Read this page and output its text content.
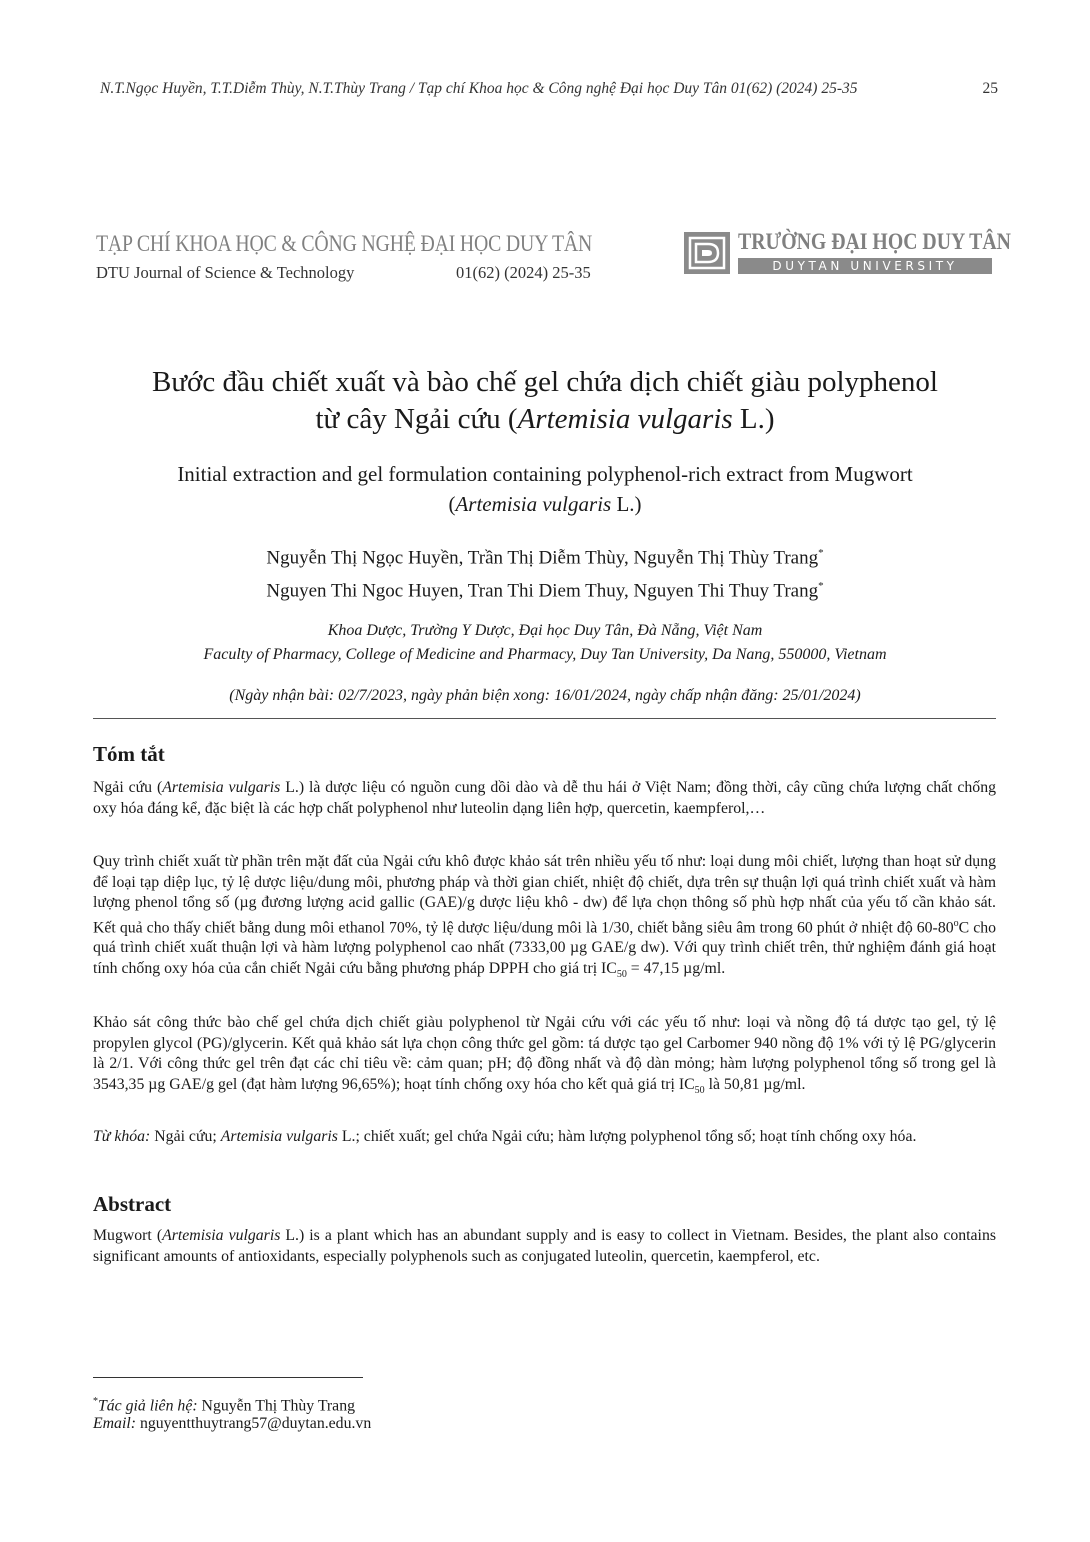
N.T.Ngọc Huyền, T.T.Diễm Thùy, N.T.Thùy Trang / Tạp chí Khoa học & Công nghệ Đại học Duy Tân 01(62) (2024) 25-35	25
TẠP CHÍ KHOA HỌC & CÔNG NGHỆ ĐẠI HỌC DUY TÂN
DTU Journal of Science & Technology	01(62) (2024) 25-35
TRƯỜNG ĐẠI HỌC DUY TÂN
DUYTAN UNIVERSITY
Bước đầu chiết xuất và bào chế gel chứa dịch chiết giàu polyphenol
từ cây Ngải cứu (Artemisia vulgaris L.)
Initial extraction and gel formulation containing polyphenol-rich extract from Mugwort
(Artemisia vulgaris L.)
Nguyễn Thị Ngọc Huyền, Trần Thị Diễm Thùy, Nguyễn Thị Thùy Trang*
Nguyen Thi Ngoc Huyen, Tran Thi Diem Thuy, Nguyen Thi Thuy Trang*
Khoa Dược, Trường Y Dược, Đại học Duy Tân, Đà Nẵng, Việt Nam
Faculty of Pharmacy, College of Medicine and Pharmacy, Duy Tan University, Da Nang, 550000, Vietnam
(Ngày nhận bài: 02/7/2023, ngày phản biện xong: 16/01/2024, ngày chấp nhận đăng: 25/01/2024)
Tóm tắt

Ngải cứu (Artemisia vulgaris L.) là dược liệu có nguồn cung dồi dào và dễ thu hái ở Việt Nam; đồng thời, cây cũng chứa lượng chất chống oxy hóa đáng kể, đặc biệt là các hợp chất polyphenol như luteolin dạng liên hợp, quercetin, kaempferol,…

Quy trình chiết xuất từ phần trên mặt đất của Ngải cứu khô được khảo sát trên nhiều yếu tố như: loại dung môi chiết, lượng than hoạt sử dụng để loại tạp diệp lục, tỷ lệ dược liệu/dung môi, phương pháp và thời gian chiết, nhiệt độ chiết, dựa trên sự thuận lợi quá trình chiết xuất và hàm lượng phenol tổng số (µg đương lượng acid gallic (GAE)/g dược liệu khô - dw) để lựa chọn thông số phù hợp nhất của yếu tố cần khảo sát. Kết quả cho thấy chiết bằng dung môi ethanol 70%, tỷ lệ dược liệu/dung môi là 1/30, chiết bằng siêu âm trong 60 phút ở nhiệt độ 60-80$^o$C cho quá trình chiết xuất thuận lợi và hàm lượng polyphenol cao nhất (7333,00 µg GAE/g dw). Với quy trình chiết trên, thử nghiệm đánh giá hoạt tính chống oxy hóa của cắn chiết Ngải cứu bằng phương pháp DPPH cho giá trị $IC_{50} = 47,15$ µg/ml.

Khảo sát công thức bào chế gel chứa dịch chiết giàu polyphenol từ Ngải cứu với các yếu tố như: loại và nồng độ tá dược tạo gel, tỷ lệ propylen glycol (PG)/glycerin. Kết quả khảo sát lựa chọn công thức gel gồm: tá dược tạo gel Carbomer 940 nồng độ 1% với tỷ lệ PG/glycerin là 2/1. Với công thức gel trên đạt các chỉ tiêu về: cảm quan; pH; độ đồng nhất và độ dàn mỏng; hàm lượng polyphenol tổng số trong gel là 3543,35 µg GAE/g gel (đạt hàm lượng 96,65%); hoạt tính chống oxy hóa cho kết quả giá trị $IC_{50}$ là 50,81 µg/ml.

Từ khóa: Ngải cứu; Artemisia vulgaris L.; chiết xuất; gel chứa Ngải cứu; hàm lượng polyphenol tổng số; hoạt tính chống oxy hóa.

Abstract

Mugwort (Artemisia vulgaris L.) is a plant which has an abundant supply and is easy to collect in Vietnam. Besides, the plant also contains significant amounts of antioxidants, especially polyphenols such as conjugated luteolin, quercetin, kaempferol, etc.

*Tác giả liên hệ: Nguyễn Thị Thùy Trang
Email: nguyentthuytrang57@duytan.edu.vn
